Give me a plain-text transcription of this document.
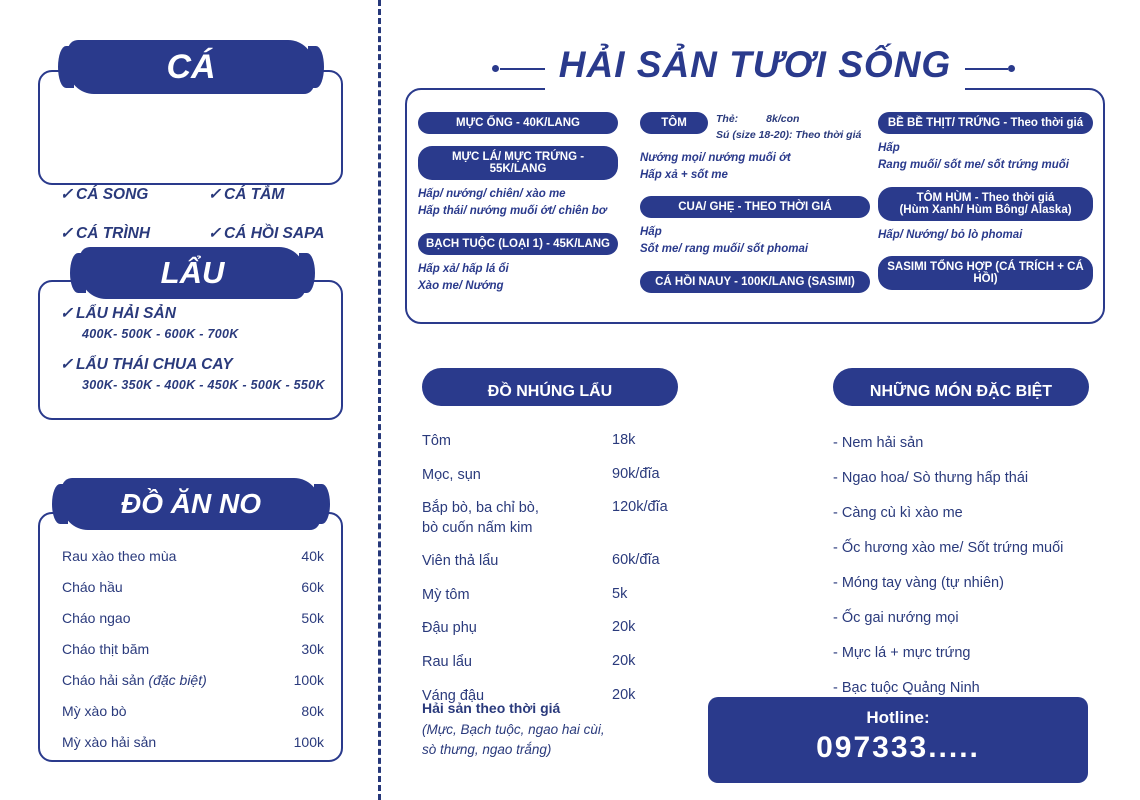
CÁ
✓ CÁ SONG	✓ CÁ TẮM
✓ CÁ TRÌNH	✓ CÁ HỒI SAPA
LẨU
✓ LẨU HẢI SẢN
400K- 500K - 600K - 700K
✓ LẨU THÁI CHUA CAY
300K- 350K - 400K - 450K - 500K - 550K
ĐỒ ĂN NO
Rau xào theo mùa	40k
Cháo hầu	60k
Cháo ngao	50k
Cháo thịt băm	30k
Cháo hải sản (đặc biệt)	100k
Mỳ xào bò	80k
Mỳ xào hải sản	100k
HẢI SẢN TƯƠI SỐNG
MỰC ỐNG - 40K/LANG
MỰC LÁ/ MỰC TRỨNG - 55K/LANG
Hấp/ nướng/ chiên/ xào me
Hấp thái/ nướng muối ớt/ chiên bơ
BẠCH TUỘC (LOẠI 1) - 45K/LANG
Hấp xả/ hấp lá ổi
Xào me/ Nướng
TÔM	Thẻ:	8k/con
Sú (size 18-20): Theo thời giá
Nướng mọi/ nướng muối ớt
Hấp xả + sốt me
CUA/ GHẸ - THEO THỜI GIÁ
Hấp
Sốt me/ rang muối/ sốt phomai
CÁ HỒI NAUY - 100K/LANG (SASIMI)
BỀ BỀ THỊT/ TRỨNG - Theo thời giá
Hấp
Rang muối/ sốt me/ sốt trứng muối
TÔM HÙM - Theo thời giá
(Hùm Xanh/ Hùm Bông/ Alaska)
Hấp/ Nướng/ bỏ lò phomai
SASIMI TỔNG HỢP (CÁ TRÍCH + CÁ HỒI)
ĐỒ NHÚNG LẨU	NHỮNG MÓN ĐẶC BIỆT
Tôm	18k
Mọc, sụn	90k/đĩa
Bắp bò, ba chỉ bò,
bò cuốn nấm kim
120k/đĩa
Viên thả lẩu	60k/đĩa
Mỳ tôm	5k
Đậu phụ	20k
Rau lẩu	20k
Váng đậu	20k
Hải sản theo thời giá
(Mực, Bạch tuộc, ngao hai cùi,
sò thưng, ngao trắng)
- Nem hải sản
- Ngao hoa/ Sò thưng hấp thái
- Càng cù kì xào me
- Ốc hương xào me/ Sốt trứng muối
- Móng tay vàng (tự nhiên)
- Ốc gai nướng mọi
- Mực lá + mực trứng
- Bạc tuộc Quảng Ninh
Hotline:
097333.....
